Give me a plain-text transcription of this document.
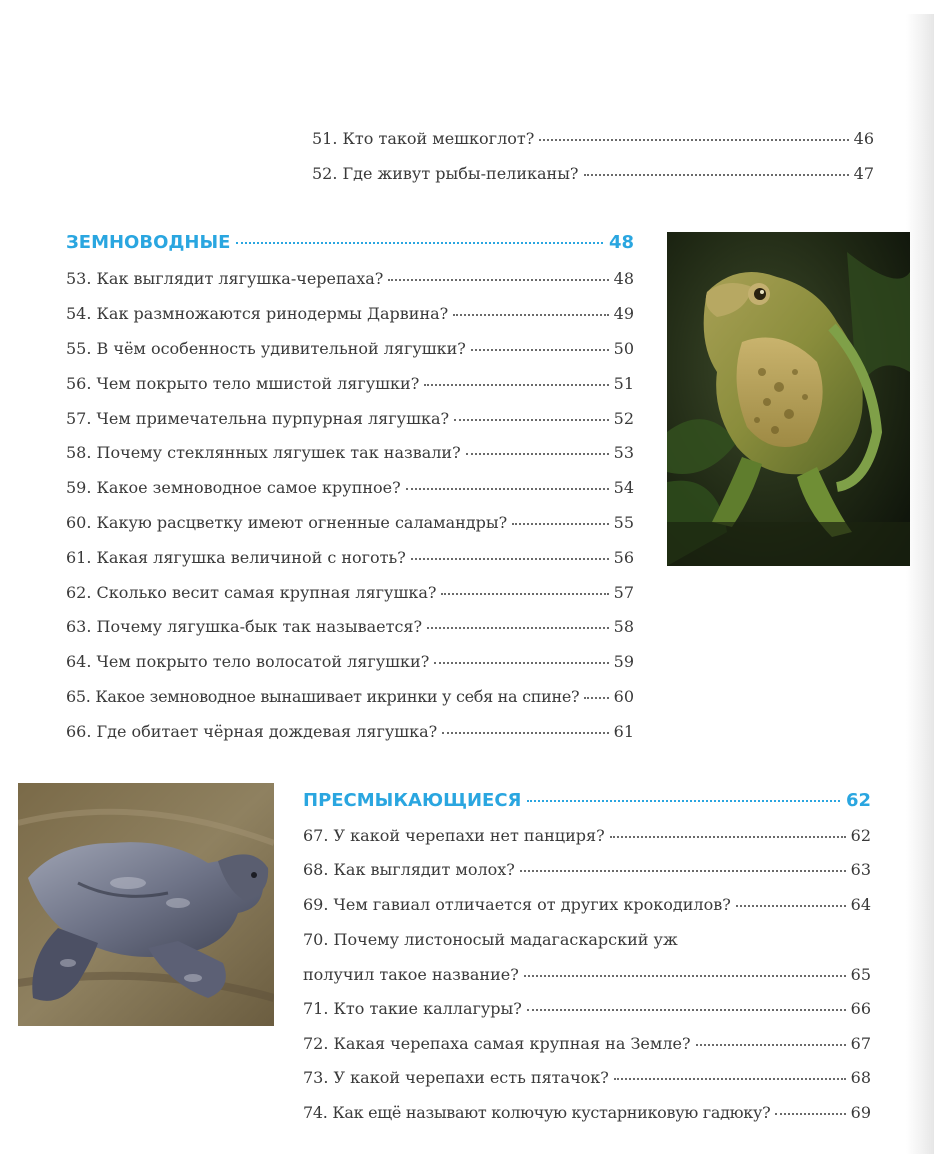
51. Кто такой мешкоглот?	46
52. Где живут рыбы-пеликаны?	47
ЗЕМНОВОДНЫЕ	48
53. Как выглядит лягушка-черепаха?	48
54. Как размножаются ринодермы Дарвина?	49
55. В чём особенность удивительной лягушки?	50
56. Чем покрыто тело мшистой лягушки?	51
57. Чем примечательна пурпурная лягушка?	52
58. Почему стеклянных лягушек так назвали?	53
59. Какое земноводное самое крупное?	54
60. Какую расцветку имеют огненные саламандры?	55
61. Какая лягушка величиной с ноготь?	56
62. Сколько весит самая крупная лягушка?	57
63. Почему лягушка-бык так называется?	58
64. Чем покрыто тело волосатой лягушки?	59
65. Какое земноводное вынашивает икринки у себя на спине? 60
66. Где обитает чёрная дождевая лягушка?	61
ПРЕСМЫКАЮЩИЕСЯ	62
67. У какой черепахи нет панциря?	62
68. Как выглядит молох?	63
69. Чем гавиал отличается от других крокодилов?	64
70. Почему листоносый мадагаскарский уж
получил такое название?	65
71. Кто такие каллагуры?	66
72. Какая черепаха самая крупная на Земле?	67
73. У какой черепахи есть пятачок?	68
74. Как ещё называют колючую кустарниковую гадюку?	69
